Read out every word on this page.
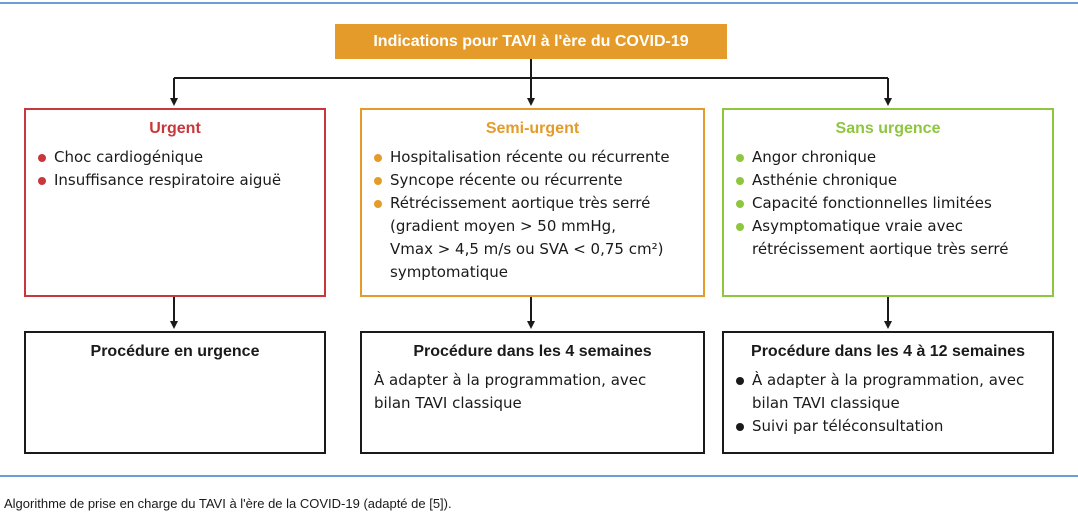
Indications pour TAVI à l'ère du COVID-19
Urgent
Choc cardiogénique
Insuffisance respiratoire aiguë
Semi-urgent
Hospitalisation récente ou récurrente
Syncope récente ou récurrente
Rétrécissement aortique très serré
(gradient moyen > 50 mmHg,
Vmax > 4,5 m/s ou SVA < 0,75 cm²)
symptomatique
Sans urgence
Angor chronique
Asthénie chronique
Capacité fonctionnelles limitées
Asymptomatique vraie avec
rétrécissement aortique très serré
Procédure en urgence	Procédure dans les 4 semaines

À adapter à la programmation, avec

bilan TAVI classique

Procédure dans les 4 à 12 semaines
À adapter à la programmation, avec
bilan TAVI classique
Suivi par téléconsultation
Algorithme de prise en charge du TAVI à l'ère de la COVID-19 (adapté de [5]).
